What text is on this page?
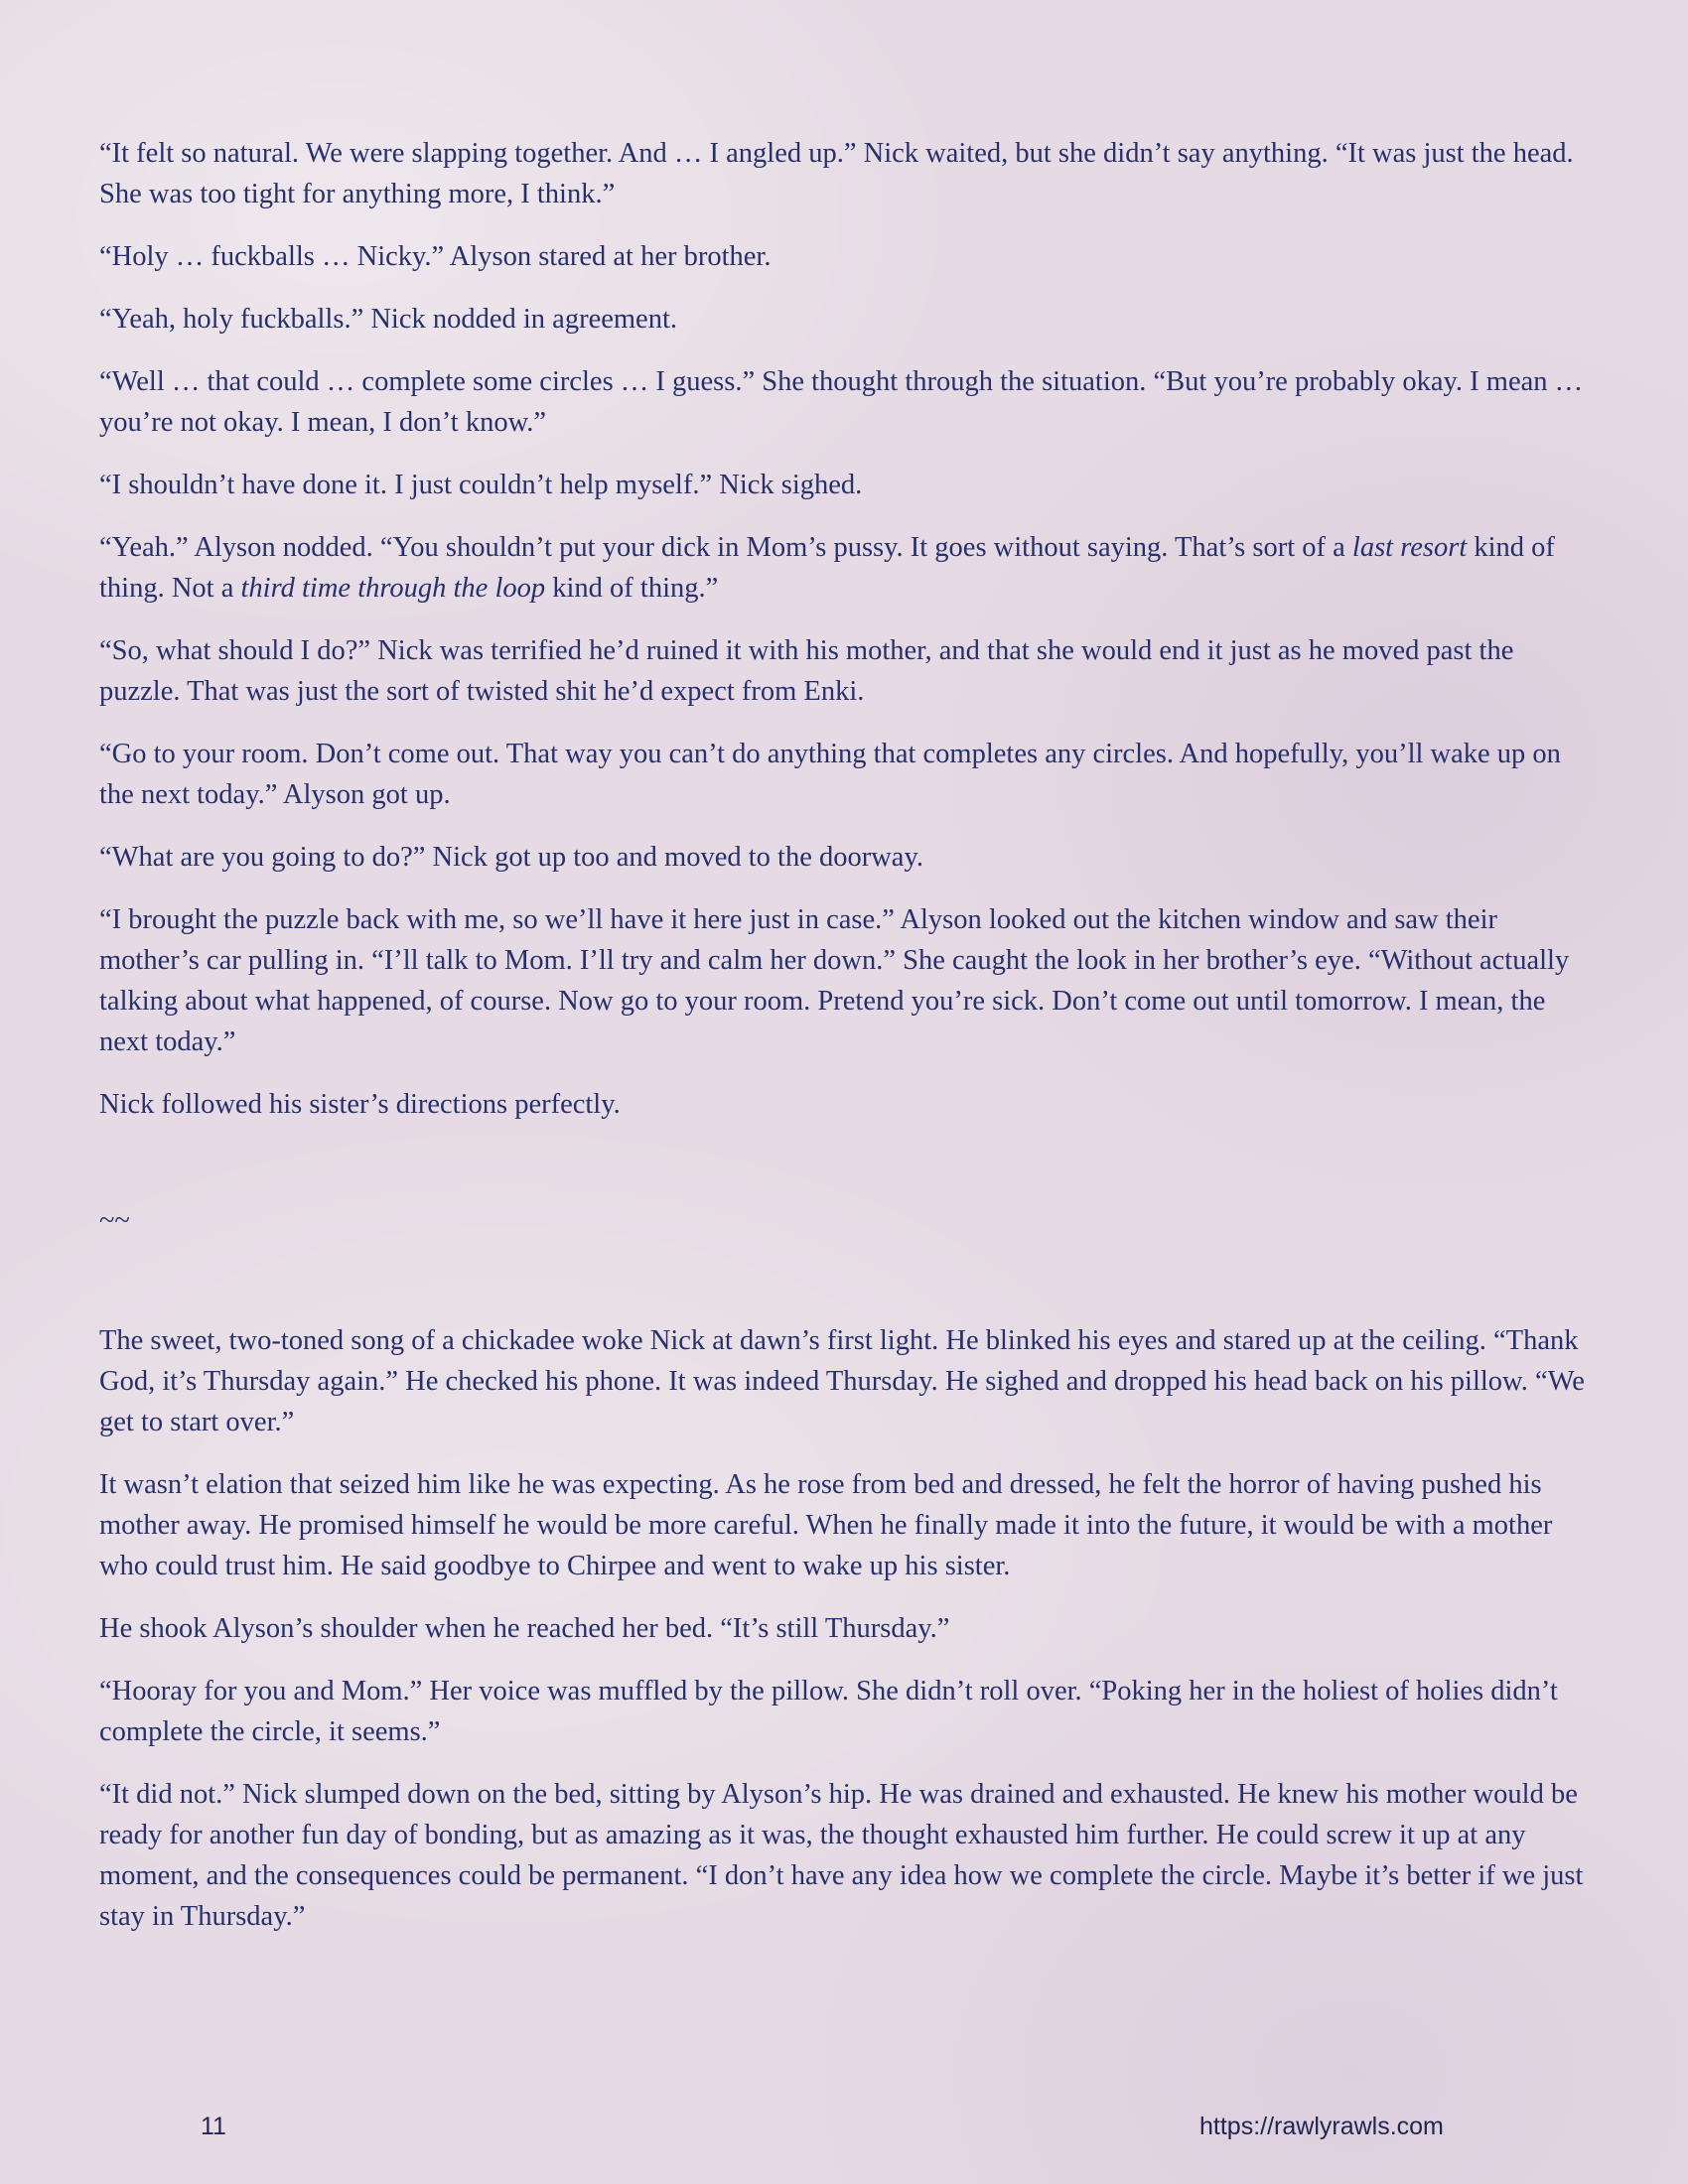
“It felt so natural. We were slapping together. And … I angled up.” Nick waited, but she didn’t say anything. “It was just the head. She was too tight for anything more, I think.”

“Holy … fuckballs … Nicky.” Alyson stared at her brother.

“Yeah, holy fuckballs.” Nick nodded in agreement.

“Well … that could … complete some circles … I guess.” She thought through the situation. “But you’re probably okay. I mean … you’re not okay. I mean, I don’t know.”

“I shouldn’t have done it. I just couldn’t help myself.” Nick sighed.

“Yeah.” Alyson nodded. “You shouldn’t put your dick in Mom’s pussy. It goes without saying. That’s sort of a last resort kind of thing. Not a third time through the loop kind of thing.”

“So, what should I do?” Nick was terrified he’d ruined it with his mother, and that she would end it just as he moved past the puzzle. That was just the sort of twisted shit he’d expect from Enki.

“Go to your room. Don’t come out. That way you can’t do anything that completes any circles. And hopefully, you’ll wake up on the next today.” Alyson got up.

“What are you going to do?” Nick got up too and moved to the doorway.

“I brought the puzzle back with me, so we’ll have it here just in case.” Alyson looked out the kitchen window and saw their mother’s car pulling in. “I’ll talk to Mom. I’ll try and calm her down.” She caught the look in her brother’s eye. “Without actually talking about what happened, of course. Now go to your room. Pretend you’re sick. Don’t come out until tomorrow. I mean, the next today.”

Nick followed his sister’s directions perfectly.

~~

The sweet, two-toned song of a chickadee woke Nick at dawn’s first light. He blinked his eyes and stared up at the ceiling. “Thank God, it’s Thursday again.” He checked his phone. It was indeed Thursday. He sighed and dropped his head back on his pillow. “We get to start over.”

It wasn’t elation that seized him like he was expecting. As he rose from bed and dressed, he felt the horror of having pushed his mother away. He promised himself he would be more careful. When he finally made it into the future, it would be with a mother who could trust him. He said goodbye to Chirpee and went to wake up his sister.

He shook Alyson’s shoulder when he reached her bed. “It’s still Thursday.”

“Hooray for you and Mom.” Her voice was muffled by the pillow. She didn’t roll over. “Poking her in the holiest of holies didn’t complete the circle, it seems.”

“It did not.” Nick slumped down on the bed, sitting by Alyson’s hip. He was drained and exhausted. He knew his mother would be ready for another fun day of bonding, but as amazing as it was, the thought exhausted him further. He could screw it up at any moment, and the consequences could be permanent. “I don’t have any idea how we complete the circle. Maybe it’s better if we just stay in Thursday.”

11	https://rawlyrawls.com
